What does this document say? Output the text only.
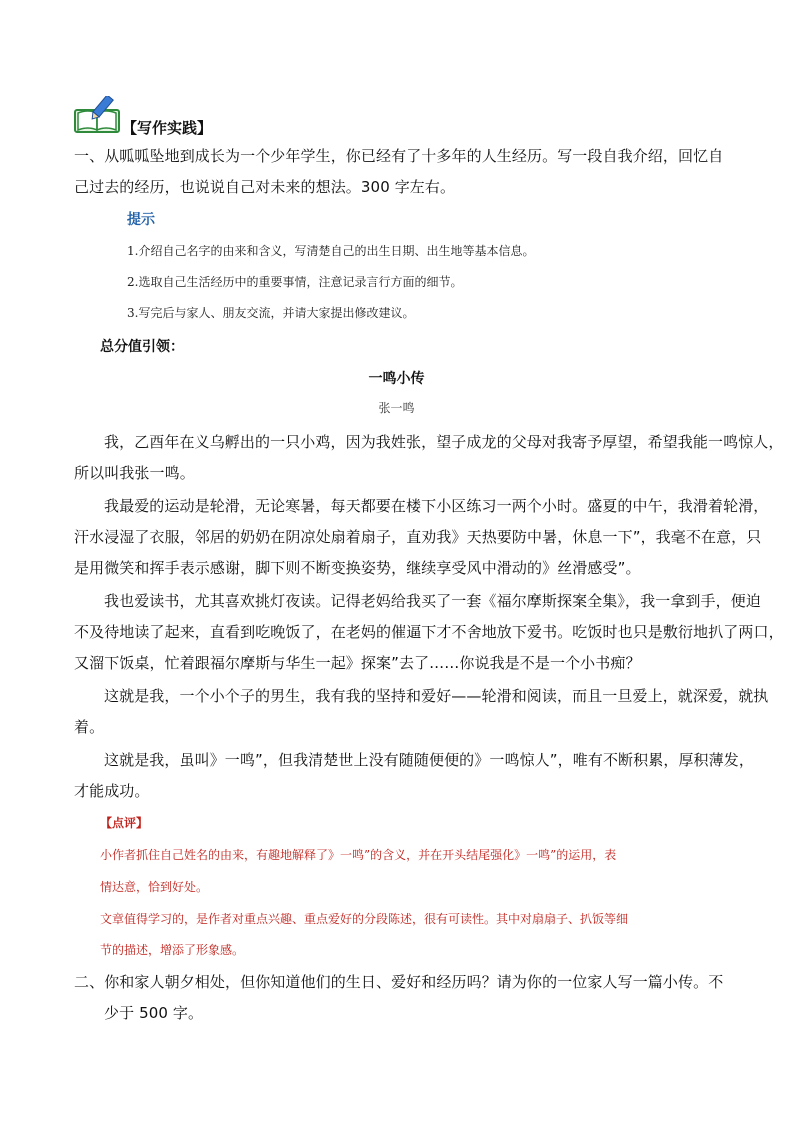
【写作实践】
一、从呱呱坠地到成长为一个少年学生，你已经有了十多年的人生经历。写一段自我介绍，回忆自
己过去的经历，也说说自己对未来的想法。300 字左右。
提示
1.介绍自己名字的由来和含义，写清楚自己的出生日期、出生地等基本信息。
2.选取自己生活经历中的重要事情，注意记录言行方面的细节。
3.写完后与家人、朋友交流，并请大家提出修改建议。
总分值引领：
一鸣小传
张一鸣
我，乙酉年在义乌孵出的一只小鸡，因为我姓张，望子成龙的父母对我寄予厚望，希望我能一鸣惊人，
所以叫我张一鸣。
我最爱的运动是轮滑，无论寒暑，每天都要在楼下小区练习一两个小时。盛夏的中午，我滑着轮滑，
汗水浸湿了衣服，邻居的奶奶在阴凉处扇着扇子，直劝我》天热要防中暑，休息一下”，我毫不在意，只
是用微笑和挥手表示感谢，脚下则不断变换姿势，继续享受风中滑动的》丝滑感受”。
我也爱读书，尤其喜欢挑灯夜读。记得老妈给我买了一套《福尔摩斯探案全集》，我一拿到手，便迫
不及待地读了起来，直看到吃晚饭了，在老妈的催逼下才不舍地放下爱书。吃饭时也只是敷衍地扒了两口，
又溜下饭桌，忙着跟福尔摩斯与华生一起》探案”去了……你说我是不是一个小书痴？
这就是我，一个小个子的男生，我有我的坚持和爱好——轮滑和阅读，而且一旦爱上，就深爱，就执
着。
这就是我，虽叫》一鸣”，但我清楚世上没有随随便便的》一鸣惊人”，唯有不断积累，厚积薄发，
才能成功。
【点评】
小作者抓住自己姓名的由来，有趣地解释了》一鸣”的含义，并在开头结尾强化》一鸣”的运用，表
情达意，恰到好处。
文章值得学习的，是作者对重点兴趣、重点爱好的分段陈述，很有可读性。其中对扇扇子、扒饭等细
节的描述，增添了形象感。
二、你和家人朝夕相处，但你知道他们的生日、爱好和经历吗？请为你的一位家人写一篇小传。不
少于 500 字。
